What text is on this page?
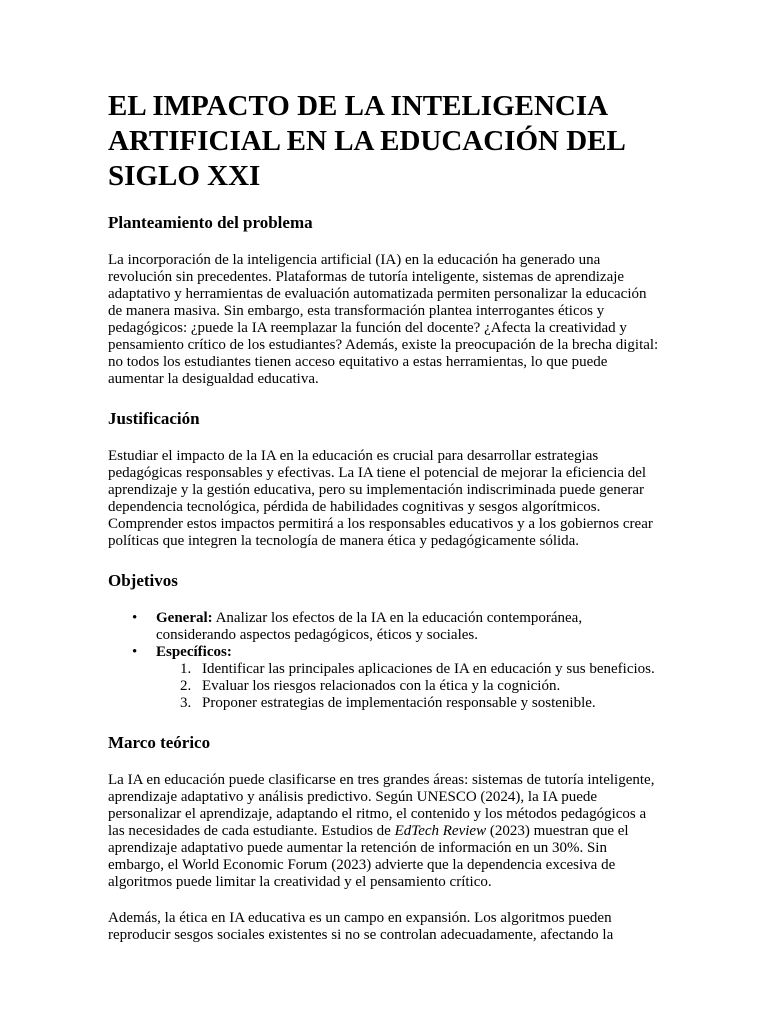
EL IMPACTO DE LA INTELIGENCIA ARTIFICIAL EN LA EDUCACIÓN DEL SIGLO XXI
Planteamiento del problema

La incorporación de la inteligencia artificial (IA) en la educación ha generado una revolución sin precedentes. Plataformas de tutoría inteligente, sistemas de aprendizaje adaptativo y herramientas de evaluación automatizada permiten personalizar la educación de manera masiva. Sin embargo, esta transformación plantea interrogantes éticos y pedagógicos: ¿puede la IA reemplazar la función del docente? ¿Afecta la creatividad y pensamiento crítico de los estudiantes? Además, existe la preocupación de la brecha digital: no todos los estudiantes tienen acceso equitativo a estas herramientas, lo que puede aumentar la desigualdad educativa.

Justificación

Estudiar el impacto de la IA en la educación es crucial para desarrollar estrategias pedagógicas responsables y efectivas. La IA tiene el potencial de mejorar la eficiencia del aprendizaje y la gestión educativa, pero su implementación indiscriminada puede generar dependencia tecnológica, pérdida de habilidades cognitivas y sesgos algorítmicos. Comprender estos impactos permitirá a los responsables educativos y a los gobiernos crear políticas que integren la tecnología de manera ética y pedagógicamente sólida.

Objetivos
• General: Analizar los efectos de la IA en la educación contemporánea, considerando aspectos pedagógicos, éticos y sociales.
• Específicos:
1. Identificar las principales aplicaciones de IA en educación y sus beneficios.
2. Evaluar los riesgos relacionados con la ética y la cognición.
3. Proponer estrategias de implementación responsable y sostenible.
Marco teórico

La IA en educación puede clasificarse en tres grandes áreas: sistemas de tutoría inteligente, aprendizaje adaptativo y análisis predictivo. Según UNESCO (2024), la IA puede personalizar el aprendizaje, adaptando el ritmo, el contenido y los métodos pedagógicos a las necesidades de cada estudiante. Estudios de EdTech Review (2023) muestran que el aprendizaje adaptativo puede aumentar la retención de información en un 30%. Sin embargo, el World Economic Forum (2023) advierte que la dependencia excesiva de algoritmos puede limitar la creatividad y el pensamiento crítico.

Además, la ética en IA educativa es un campo en expansión. Los algoritmos pueden reproducir sesgos sociales existentes si no se controlan adecuadamente, afectando la
